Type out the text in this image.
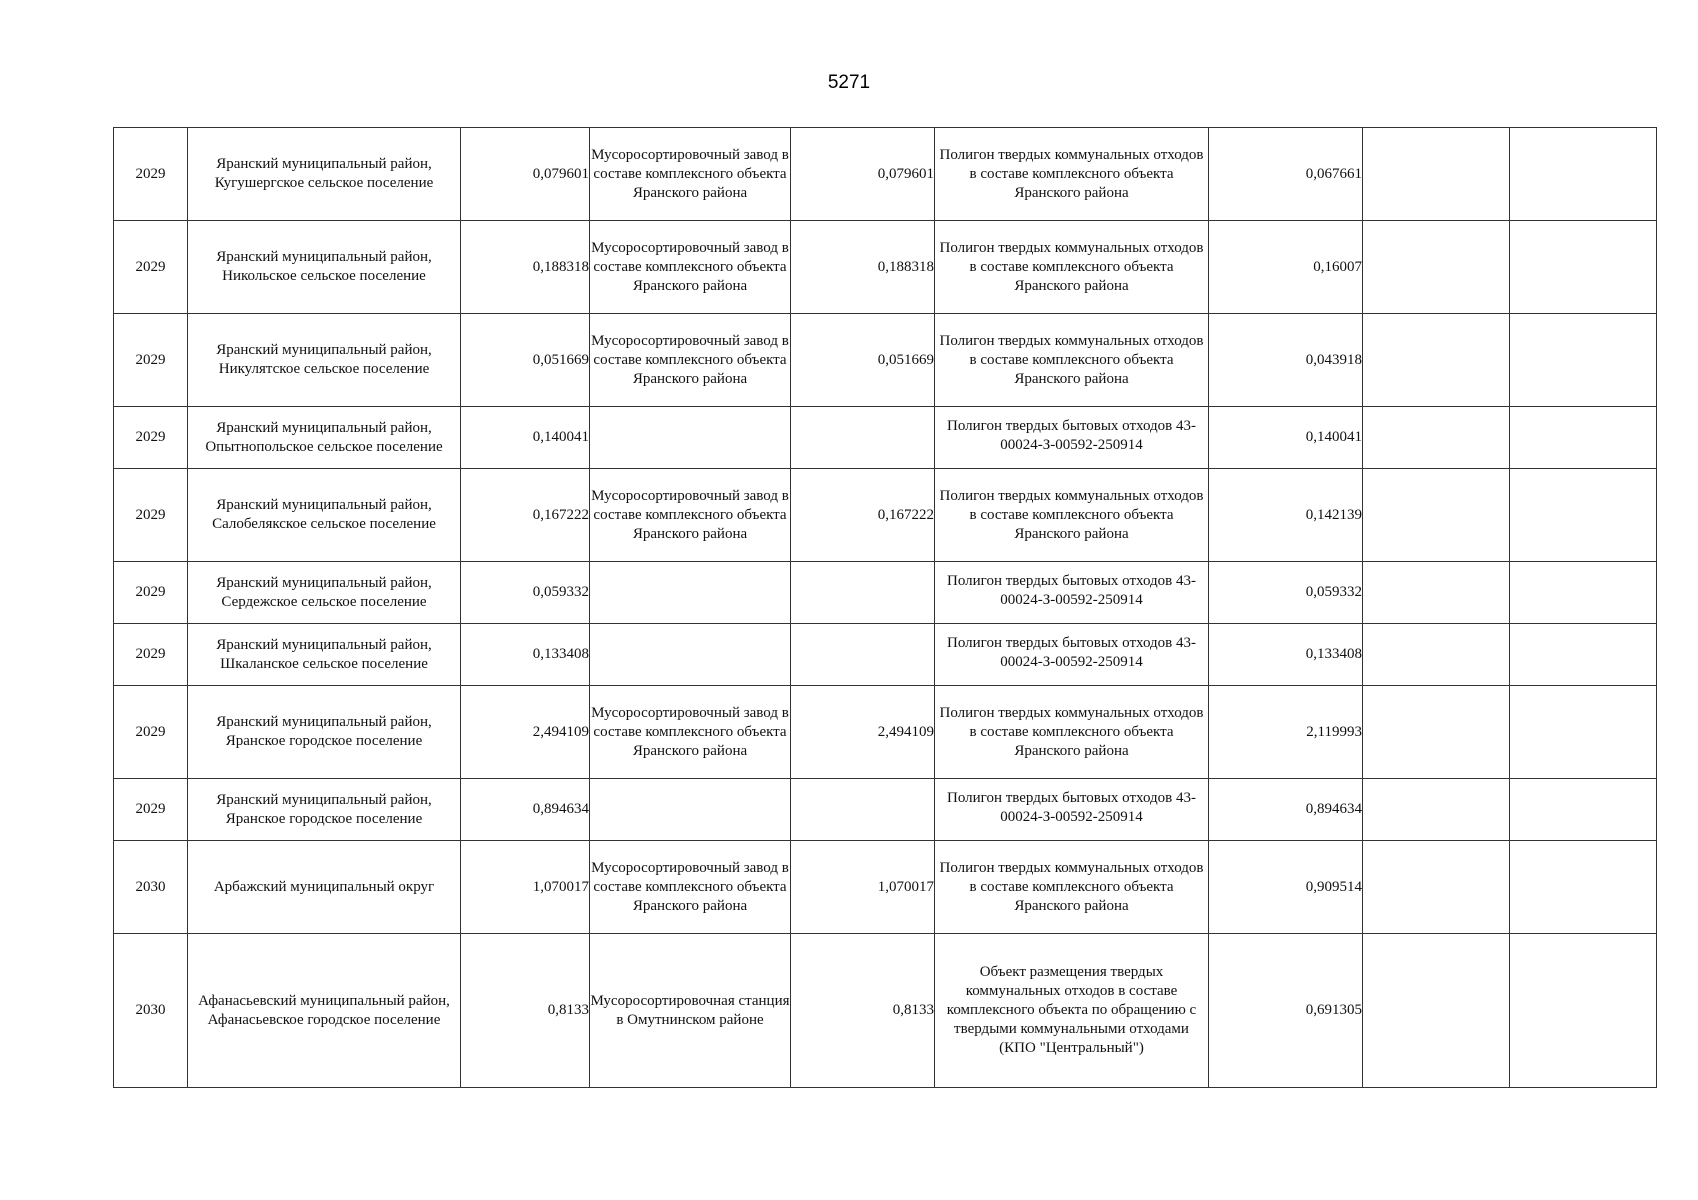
5271
2029	Яранский муниципальный район, Кугушергское сельское поселение	0,079601	Мусоросортировочный завод в составе комплексного объекта Яранского района	0,079601	Полигон твердых коммунальных отходов в составе комплексного объекта Яранского района	0,067661		
2029	Яранский муниципальный район, Никольское сельское поселение	0,188318	Мусоросортировочный завод в составе комплексного объекта Яранского района	0,188318	Полигон твердых коммунальных отходов в составе комплексного объекта Яранского района	0,16007		
2029	Яранский муниципальный район, Никулятское сельское поселение	0,051669	Мусоросортировочный завод в составе комплексного объекта Яранского района	0,051669	Полигон твердых коммунальных отходов в составе комплексного объекта Яранского района	0,043918		
2029	Яранский муниципальный район, Опытнопольское сельское поселение	0,140041			Полигон твердых бытовых отходов 43-00024-З-00592-250914	0,140041		
2029	Яранский муниципальный район, Салобелякское сельское поселение	0,167222	Мусоросортировочный завод в составе комплексного объекта Яранского района	0,167222	Полигон твердых коммунальных отходов в составе комплексного объекта Яранского района	0,142139		
2029	Яранский муниципальный район, Сердежское сельское поселение	0,059332			Полигон твердых бытовых отходов 43-00024-З-00592-250914	0,059332		
2029	Яранский муниципальный район, Шкаланское сельское поселение	0,133408			Полигон твердых бытовых отходов 43-00024-З-00592-250914	0,133408		
2029	Яранский муниципальный район, Яранское городское поселение	2,494109	Мусоросортировочный завод в составе комплексного объекта Яранского района	2,494109	Полигон твердых коммунальных отходов в составе комплексного объекта Яранского района	2,119993		
2029	Яранский муниципальный район, Яранское городское поселение	0,894634			Полигон твердых бытовых отходов 43-00024-З-00592-250914	0,894634		
2030	Арбажский муниципальный округ	1,070017	Мусоросортировочный завод в составе комплексного объекта Яранского района	1,070017	Полигон твердых коммунальных отходов в составе комплексного объекта Яранского района	0,909514		
2030	Афанасьевский муниципальный район, Афанасьевское городское поселение	0,8133	Мусоросортировочная станция в Омутнинском районе	0,8133	Объект размещения твердых коммунальных отходов в составе комплексного объекта по обращению с твердыми коммунальными отходами (КПО "Центральный")	0,691305		
